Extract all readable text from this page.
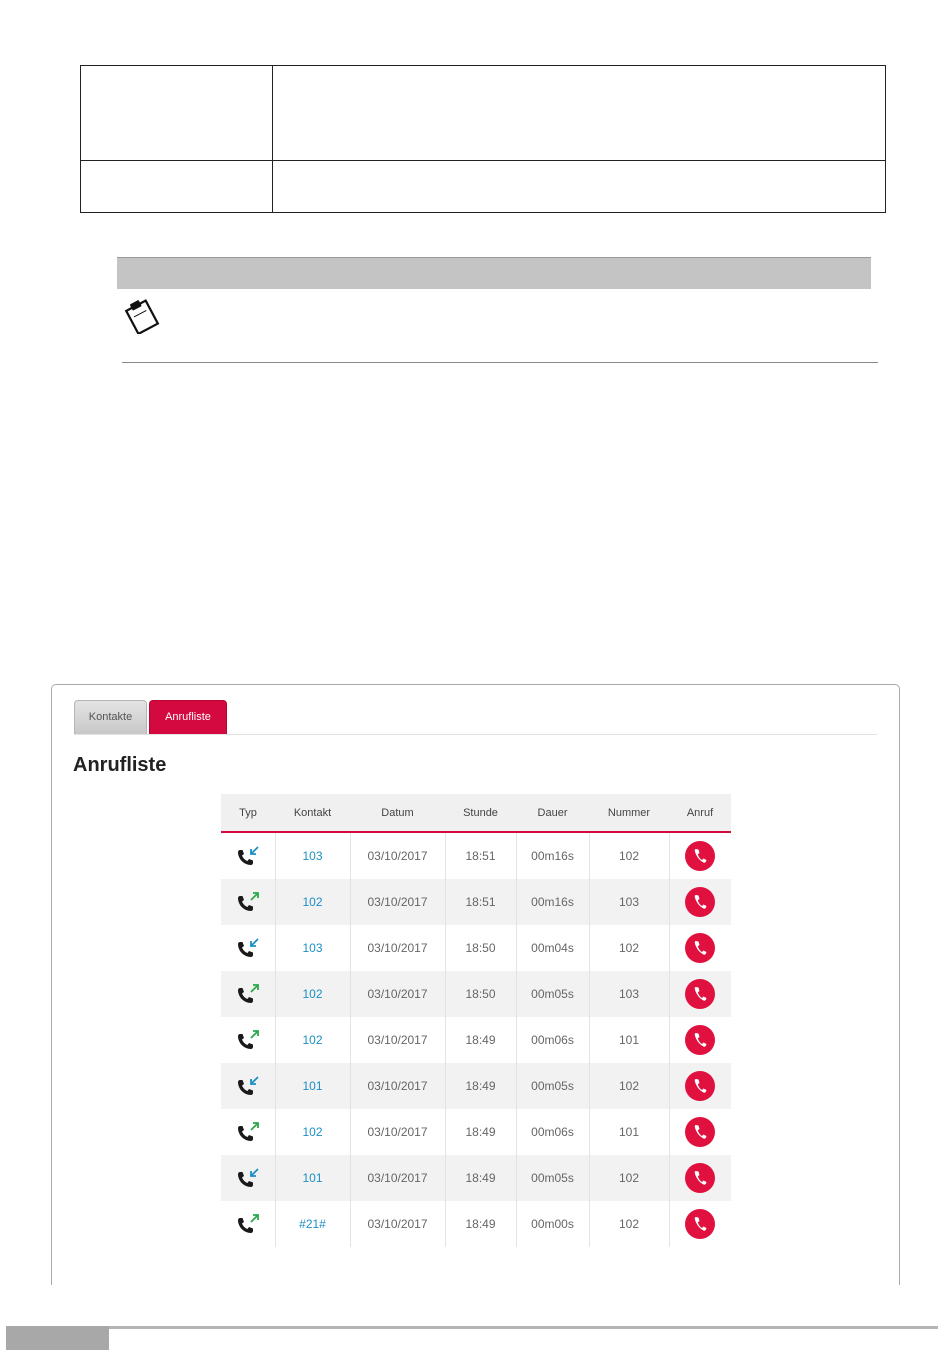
Kontakte	Anrufliste
Anrufliste
Typ	Kontakt	Datum	Stunde	Dauer	Nummer	Anruf
	103	03/10/2017	18:51	00m16s	102	
	102	03/10/2017	18:51	00m16s	103	
	103	03/10/2017	18:50	00m04s	102	
	102	03/10/2017	18:50	00m05s	103	
	102	03/10/2017	18:49	00m06s	101	
	101	03/10/2017	18:49	00m05s	102	
	102	03/10/2017	18:49	00m06s	101	
	101	03/10/2017	18:49	00m05s	102	
	#21#	03/10/2017	18:49	00m00s	102	
